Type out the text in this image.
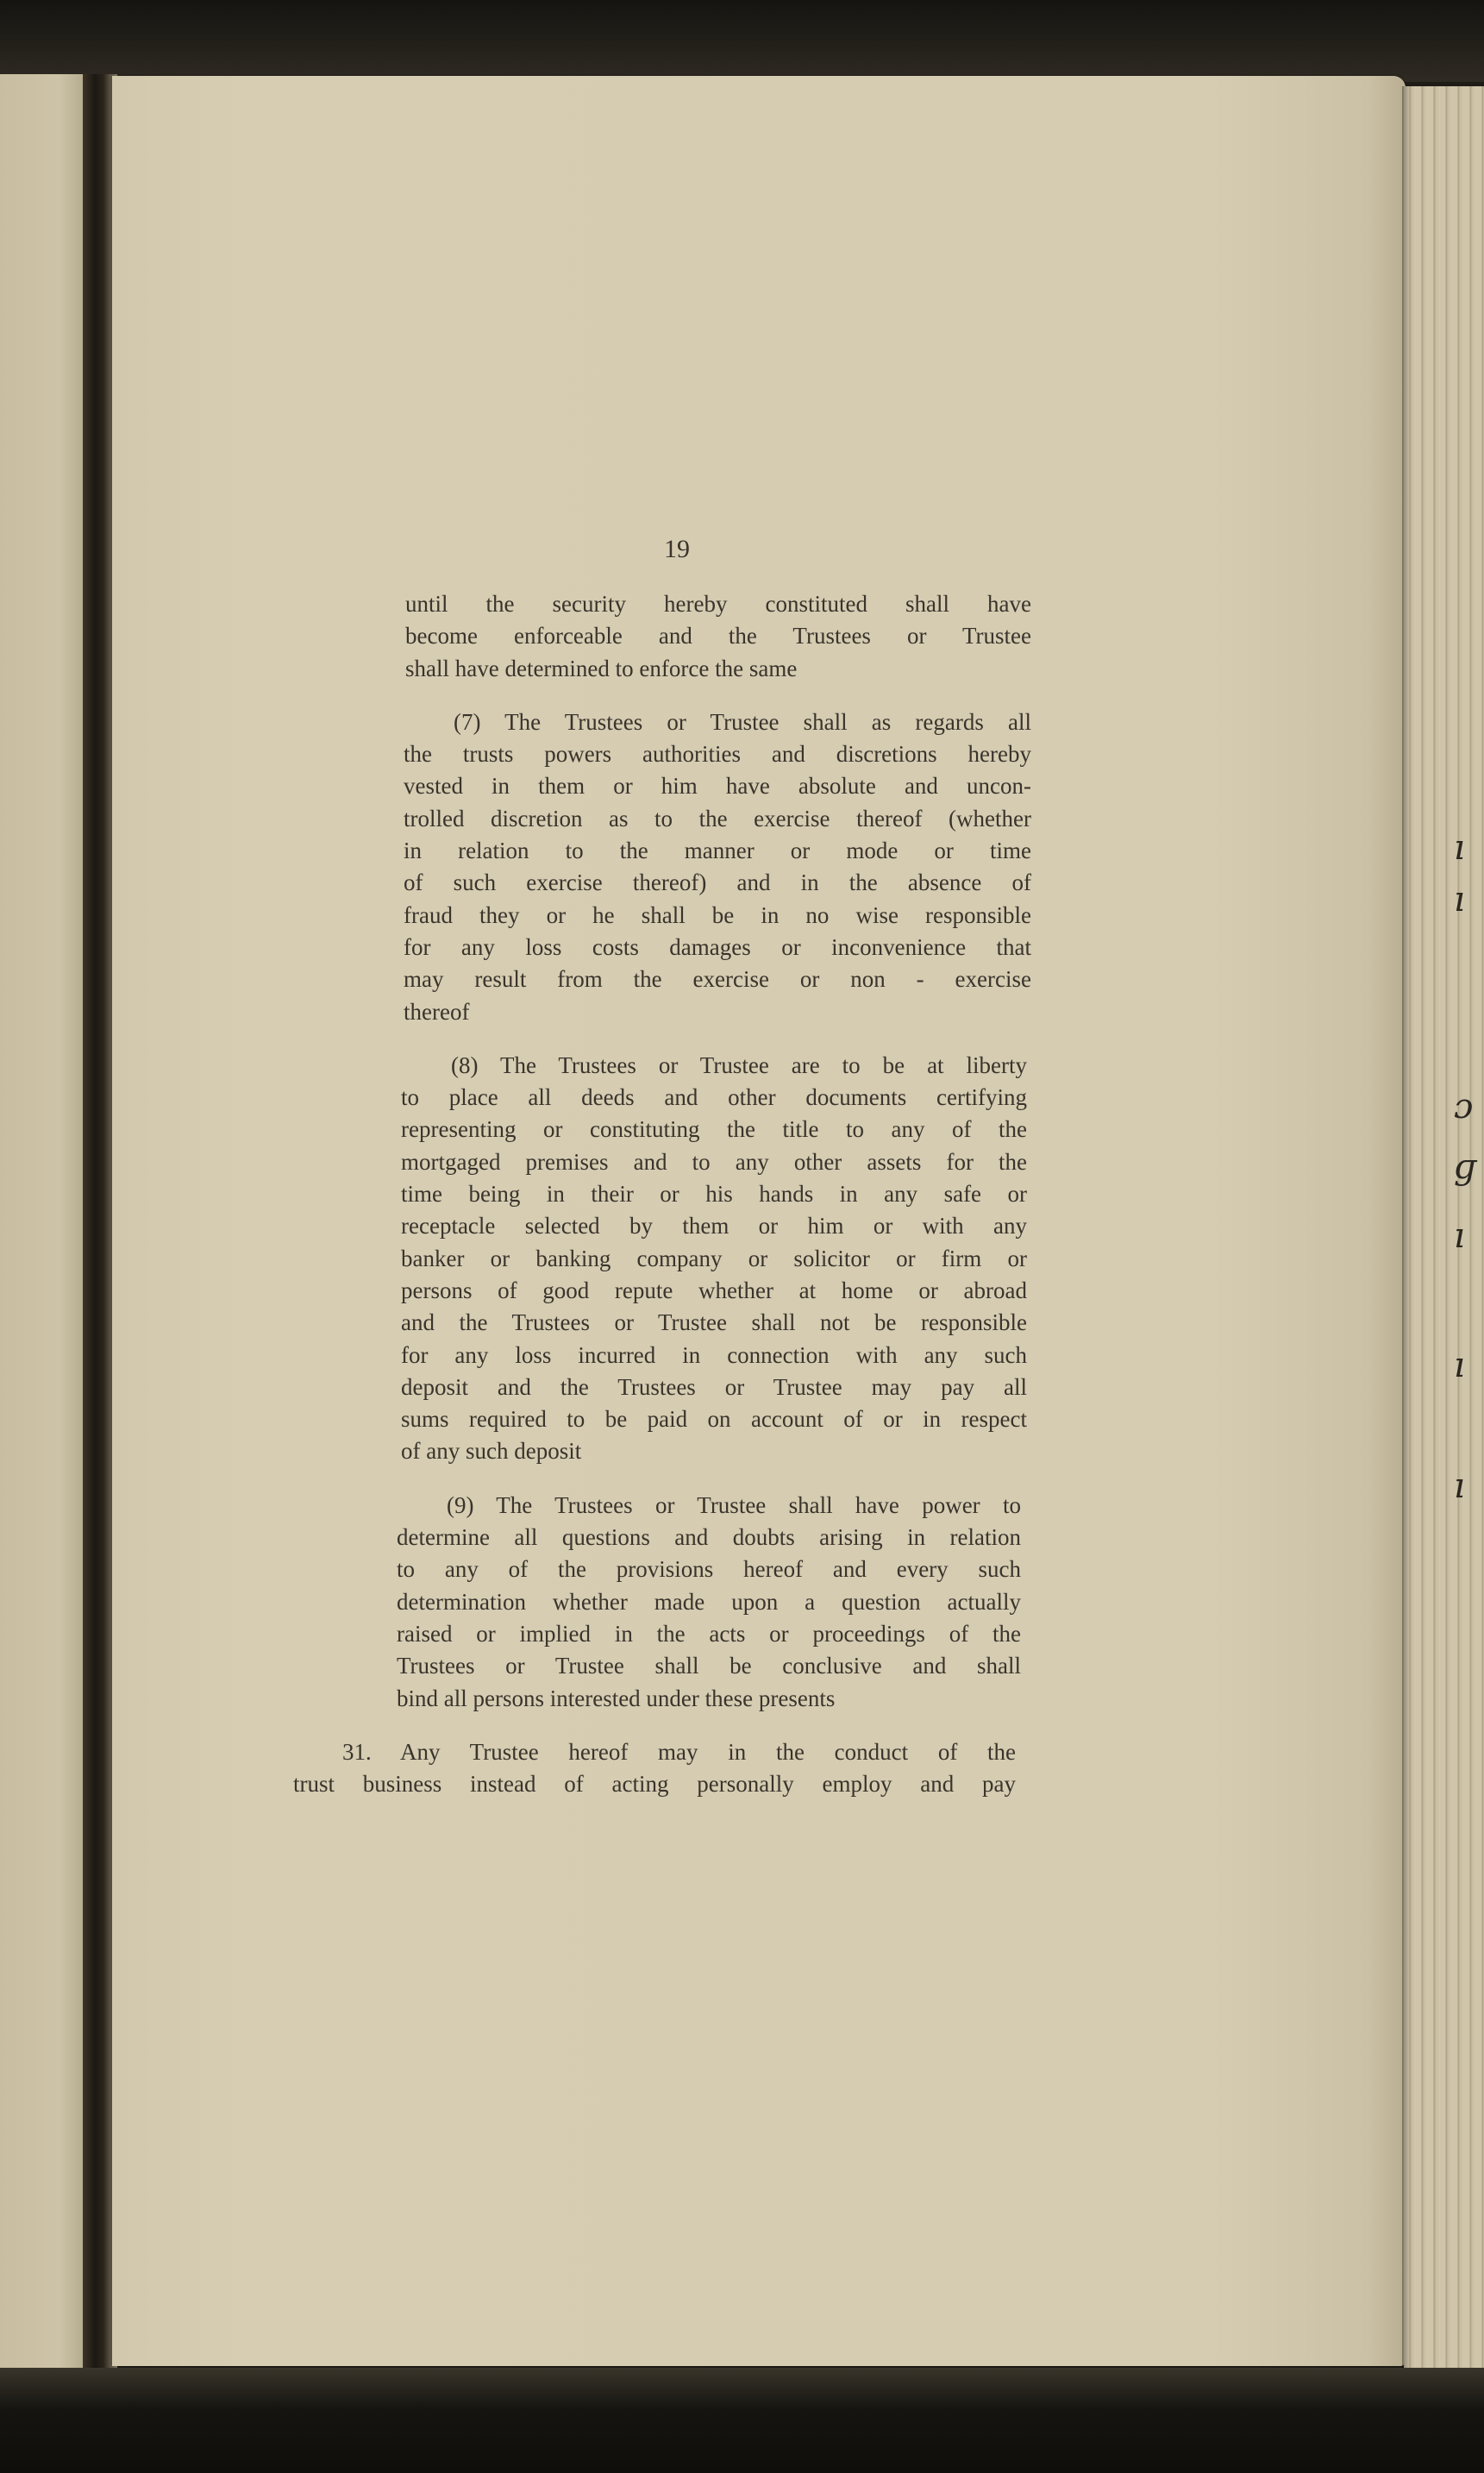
ı
ı
ɔ
ɡ
ı
ı
ı
19
until the security hereby constituted shall have
become enforceable and the Trustees or Trustee
shall have determined to enforce the same
(7) The Trustees or Trustee shall as regards all
the trusts powers authorities and discretions hereby
vested in them or him have absolute and uncon-
trolled discretion as to the exercise thereof (whether
in relation to the manner or mode or time
of such exercise thereof) and in the absence of
fraud they or he shall be in no wise responsible
for any loss costs damages or inconvenience that
may result from the exercise or non - exercise
thereof
(8) The Trustees or Trustee are to be at liberty
to place all deeds and other documents certifying
representing or constituting the title to any of the
mortgaged premises and to any other assets for the
time being in their or his hands in any safe or
receptacle selected by them or him or with any
banker or banking company or solicitor or firm or
persons of good repute whether at home or abroad
and the Trustees or Trustee shall not be responsible
for any loss incurred in connection with any such
deposit and the Trustees or Trustee may pay all
sums required to be paid on account of or in respect
of any such deposit
(9) The Trustees or Trustee shall have power to
determine all questions and doubts arising in relation
to any of the provisions hereof and every such
determination whether made upon a question actually
raised or implied in the acts or proceedings of the
Trustees or Trustee shall be conclusive and shall
bind all persons interested under these presents
31. Any Trustee hereof may in the conduct of the
trust business instead of acting personally employ and pay
